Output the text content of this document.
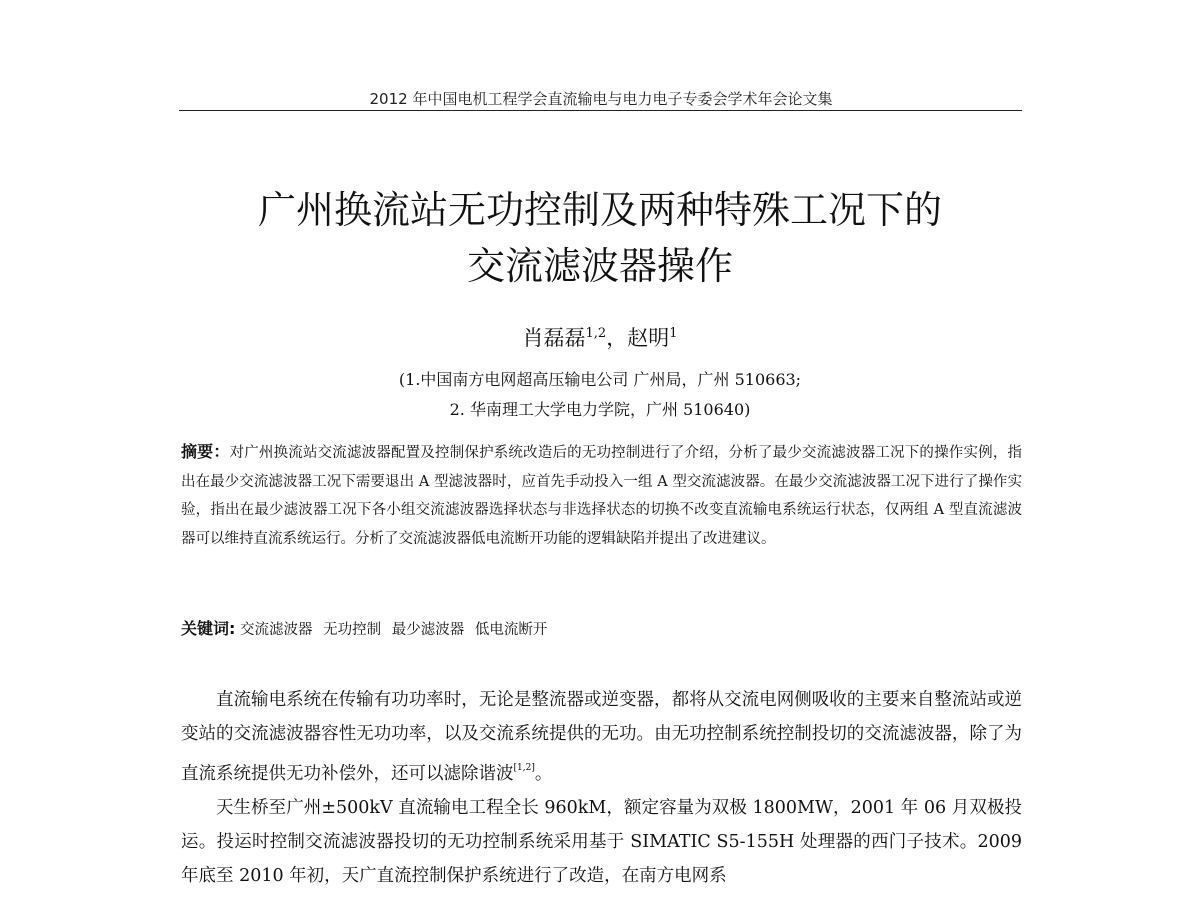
2012 年中国电机工程学会直流输电与电力电子专委会学术年会论文集
广州换流站无功控制及两种特殊工况下的
交流滤波器操作
肖磊磊$^{1,2}$，赵明$^1$
(1.中国南方电网超高压输电公司 广州局，广州 510663;
2. 华南理工大学电力学院，广州 510640)
摘要：对广州换流站交流滤波器配置及控制保护系统改造后的无功控制进行了介绍，分析了最少交流滤波器工况下的操作实例，指出在最少交流滤波器工况下需要退出 A 型滤波器时，应首先手动投入一组 A 型交流滤波器。在最少交流滤波器工况下进行了操作实验，指出在最少滤波器工况下各小组交流滤波器选择状态与非选择状态的切换不改变直流输电系统运行状态，仅两组 A 型直流滤波器可以维持直流系统运行。分析了交流滤波器低电流断开功能的逻辑缺陷并提出了改进建议。
关键词: 交流滤波器 无功控制 最少滤波器 低电流断开

直流输电系统在传输有功功率时，无论是整流器或逆变器，都将从交流电网侧吸收的主要来自整流站或逆变站的交流滤波器容性无功功率，以及交流系统提供的无功。由无功控制系统控制投切的交流滤波器，除了为直流系统提供无功补偿外，还可以滤除谐波[1,2]。

天生桥至广州±500kV 直流输电工程全长 960kM，额定容量为双极 1800MW，2001 年 06 月双极投运。投运时控制交流滤波器投切的无功控制系统采用基于 SIMATIC S5-155H 处理器的西门子技术。2009 年底至 2010 年初，天广直流控制保护系统进行了改造，在南方电网系
